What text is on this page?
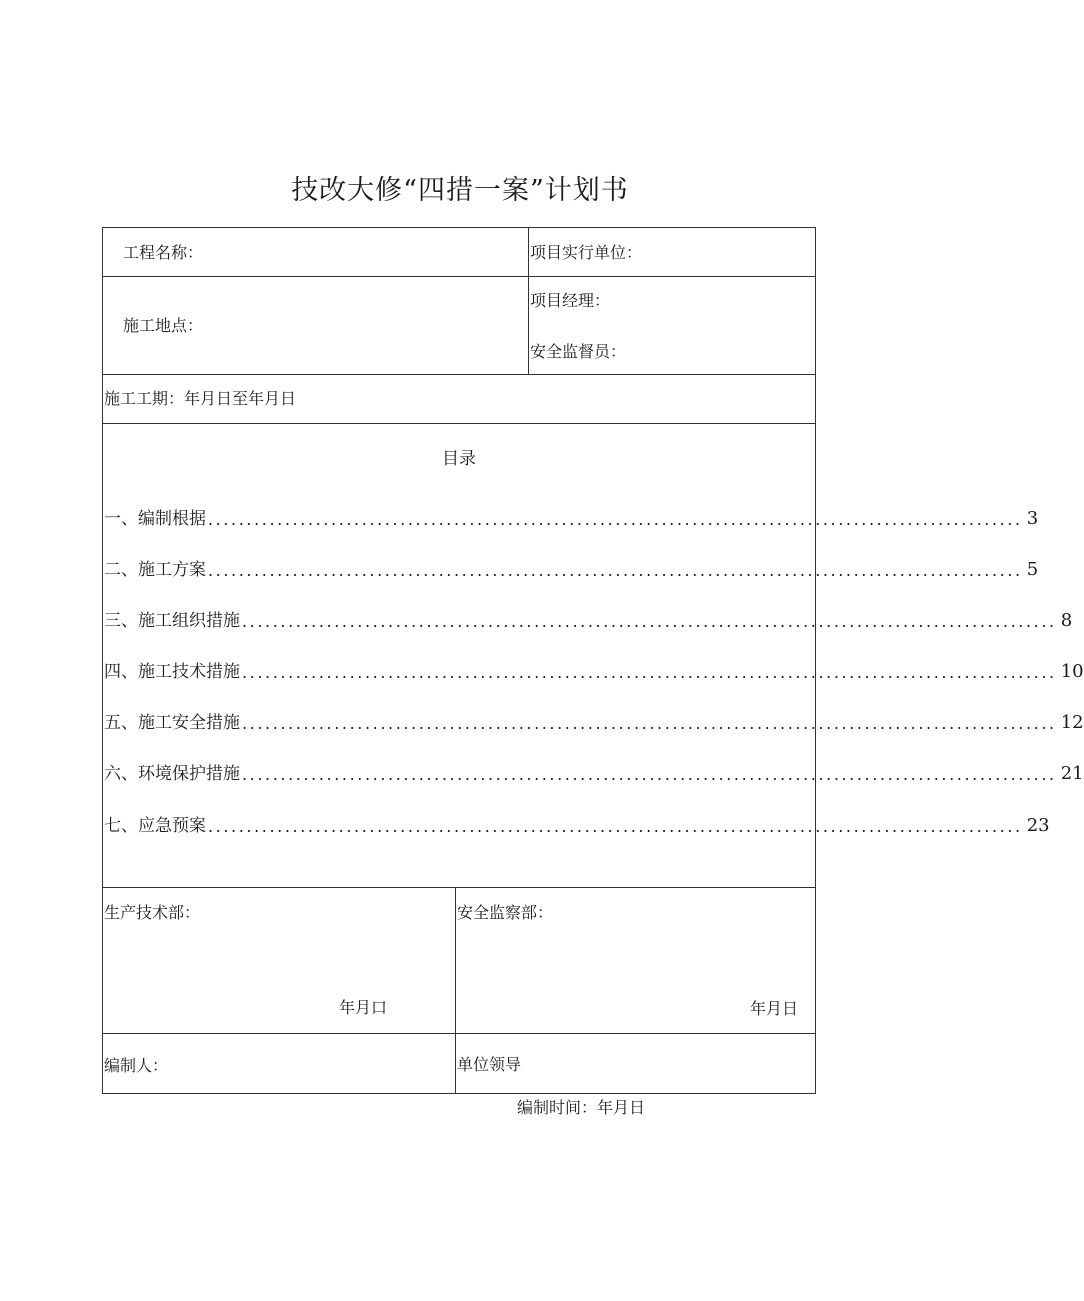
技改大修“四措一案”计划书
工程名称：	项目实行单位：
施工地点：
项目经理：
安全监督员：
施工工期：年月日至年月日
目录
一、编制根据 .......................................................................................................... 3
二、施工方案 .......................................................................................................... 5
三、施工组织措施 .......................................................................................................... 8
四、施工技术措施 .......................................................................................................... 10
五、施工安全措施 .......................................................................................................... 12
六、环境保护措施 .......................................................................................................... 21
七、应急预案 .......................................................................................................... 23
生产技术部：
年月口
安全监察部：
年月日
编制人：	单位领导
编制时间：年月日
